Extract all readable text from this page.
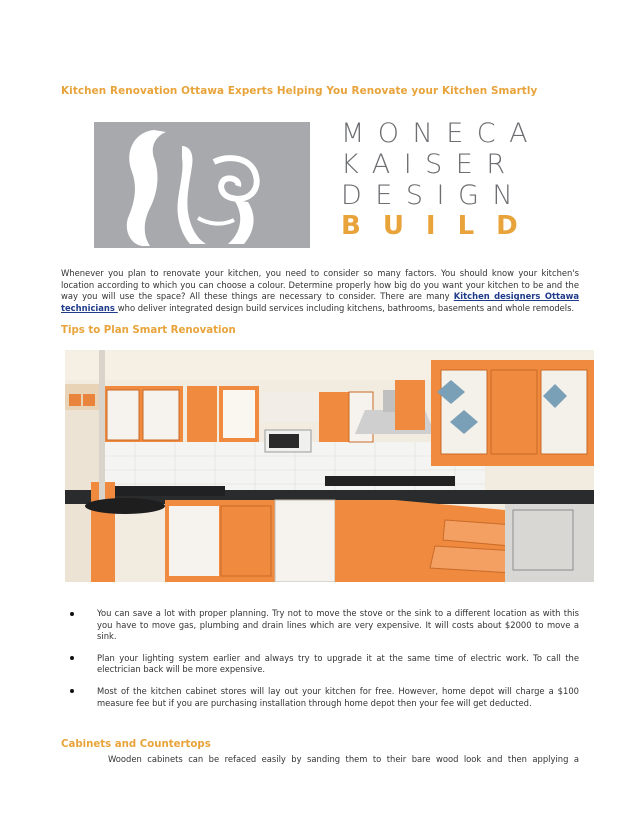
Kitchen Renovation Ottawa Experts Helping You Renovate your Kitchen Smartly
MONECA
KAISER
DESIGN
BUILD

Whenever you plan to renovate your kitchen, you need to consider so many factors. You should know your kitchen's location according to which you can choose a colour. Determine properly how big do you want your kitchen to be and the way you will use the space? All these things are necessary to consider. There are many Kitchen designers Ottawa technicians who deliver integrated design build services including kitchens, bathrooms, basements and whole remodels.

Tips to Plan Smart Renovation
You can save a lot with proper planning. Try not to move the stove or the sink to a different location as with this you have to move gas, plumbing and drain lines which are very expensive. It will costs about $2000 to move a sink.
Plan your lighting system earlier and always try to upgrade it at the same time of electric work. To call the electrician back will be more expensive.
Most of the kitchen cabinet stores will lay out your kitchen for free. However, home depot will charge a $100 measure fee but if you are purchasing installation through home depot then your fee will get deducted.
Cabinets and Countertops
Wooden cabinets can be refaced easily by sanding them to their bare wood look and then applying a
